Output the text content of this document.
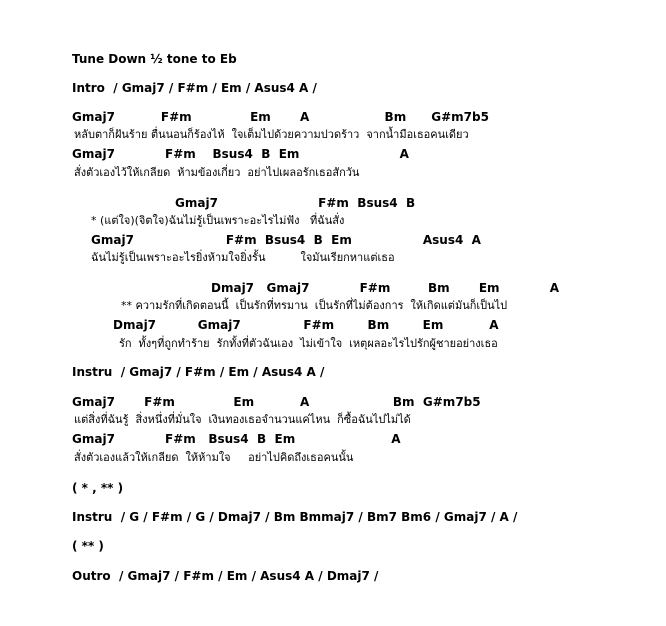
Tune Down ½ tone to Eb

Intro  / Gmaj7 / F#m / Em / Asus4 A /

Gmaj7           F#m              Em       A                  Bm      G#m7b5

หลับตาก็ฝันร้าย ตื่นนอนก็ร้องไห้  ใจเต็มไปด้วยความปวดร้าว  จากน้ำมือเธอคนเดียว

Gmaj7            F#m    Bsus4  B  Em                        A

สั่งตัวเองไว้ให้เกลียด  ห้ามข้องเกี่ยว  อย่าไปเผลอรักเธอสักวัน

Gmaj7                        F#m  Bsus4  B

* (แต่ใจ)(จิตใจ)ฉันไม่รู้เป็นเพราะอะไรไม่ฟัง   ที่ฉันสั่ง

Gmaj7                      F#m  Bsus4  B  Em                 Asus4  A

ฉันไม่รู้เป็นเพราะอะไรยิ่งห้ามใจยิ่งรั้น          ใจมันเรียกหาแต่เธอ

Dmaj7   Gmaj7            F#m         Bm       Em            A

** ความรักที่เกิดตอนนี้  เป็นรักที่ทรมาน  เป็นรักที่ไม่ต้องการ  ให้เกิดแต่มันก็เป็นไป

Dmaj7          Gmaj7               F#m        Bm        Em           A

รัก  ทั้งๆที่ถูกทำร้าย  รักทั้งที่ตัวฉันเอง  ไม่เข้าใจ  เหตุผลอะไรไปรักผู้ชายอย่างเธอ

Instru  / Gmaj7 / F#m / Em / Asus4 A /

Gmaj7       F#m              Em           A                    Bm  G#m7b5

แต่สิ่งที่ฉันรู้  สิ่งหนึ่งที่มั่นใจ  เงินทองเธอจำนวนแค่ไหน  ก็ซื้อฉันไปไม่ได้

Gmaj7            F#m   Bsus4  B  Em                       A

สั่งตัวเองแล้วให้เกลียด  ให้ห้ามใจ     อย่าไปคิดถึงเธอคนนั้น

( * , ** )

Instru  / G / F#m / G / Dmaj7 / Bm Bmmaj7 / Bm7 Bm6 / Gmaj7 / A /

( ** )

Outro  / Gmaj7 / F#m / Em / Asus4 A / Dmaj7 /
